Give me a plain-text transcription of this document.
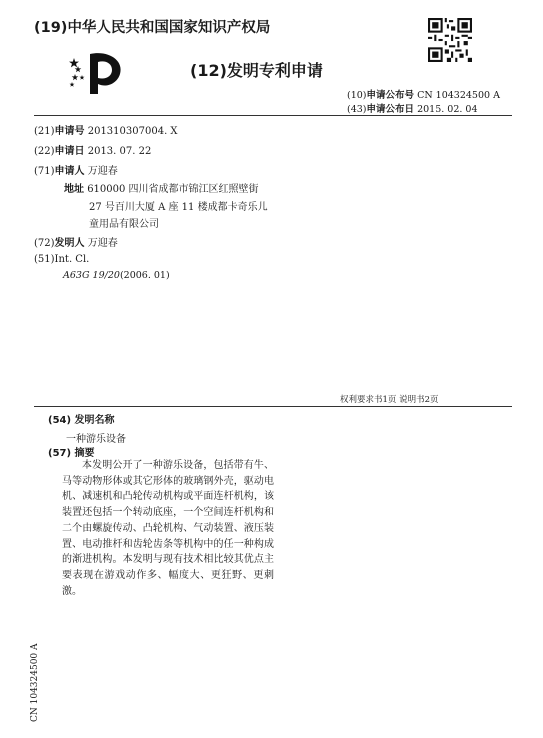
(19)中华人民共和国国家知识产权局
(12)发明专利申请
(10)申请公布号 CN 104324500 A
(43)申请公布日 2015. 02. 04
(21)申请号 201310307004. X
(22)申请日 2013. 07. 22
(71)申请人 万迎春
地址 610000 四川省成都市锦江区红照壁街
27 号百川大厦 A 座 11 楼成都卡奇乐儿
童用品有限公司
(72)发明人 万迎春
(51)Int. Cl.
A63G 19/20(2006. 01)
权利要求书1页 说明书2页
(54) 发明名称
一种游乐设备
(57) 摘要

本发明公开了一种游乐设备，包括带有牛、马等动物形体或其它形体的玻璃钢外壳，驱动电机、减速机和凸轮传动机构或平面连杆机构，该装置还包括一个转动底座，一个空间连杆机构和二个由螺旋传动、凸轮机构、气动装置、液压装置、电动推杆和齿轮齿条等机构中的任一种构成的渐进机构。本发明与现有技术相比较其优点主要表现在游戏动作多、幅度大、更狂野、更刺激。

CN 104324500 A
